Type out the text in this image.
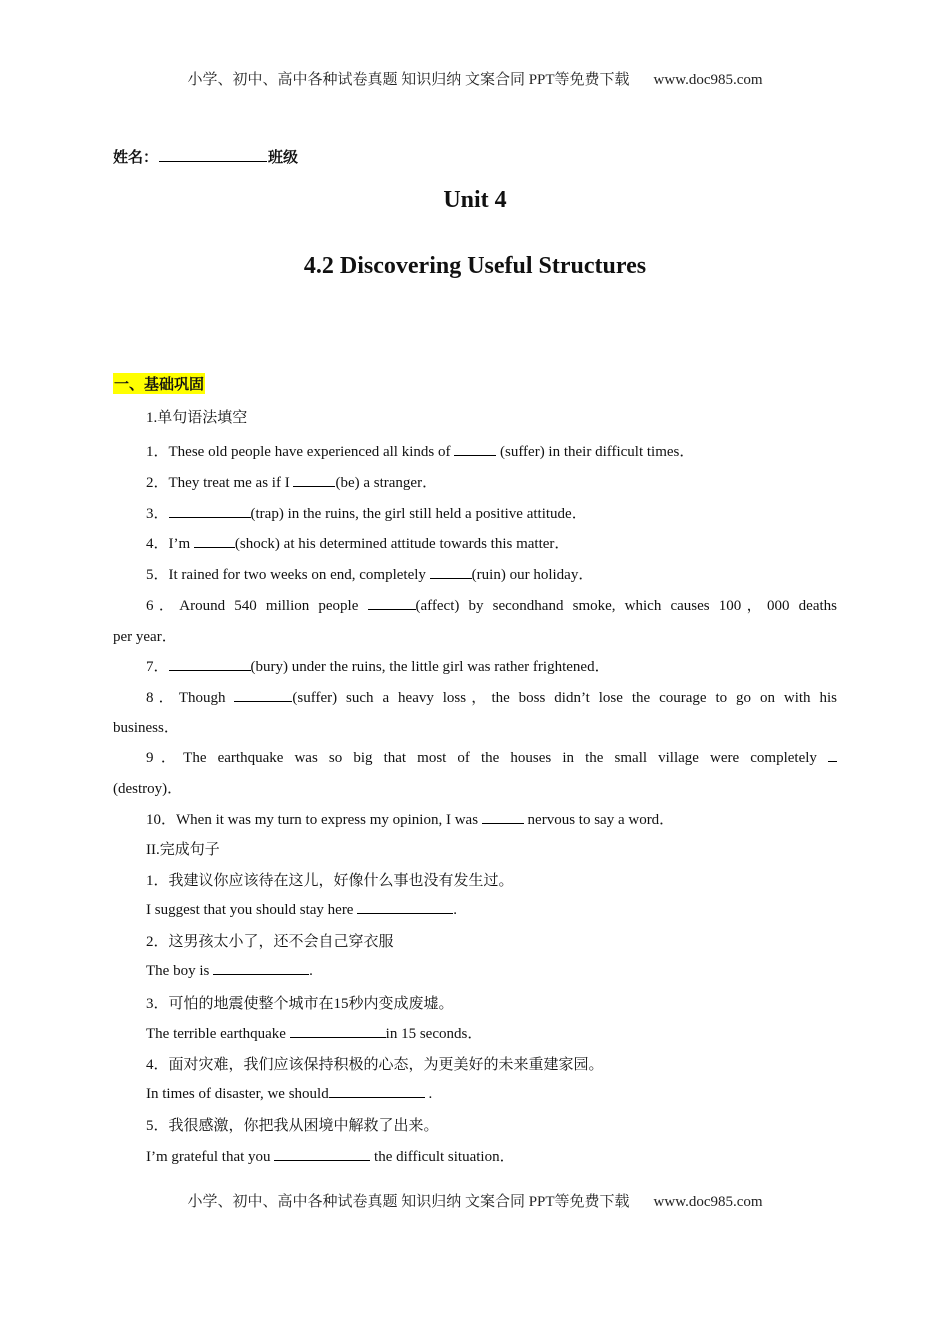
小学、初中、高中各种试卷真题 知识归纳 文案合同 PPT等免费下载 www.doc985.com
姓名：	班级
Unit 4
4.2 Discovering Useful Structures
一、基础巩固
1.单句语法填空
1．These old people have experienced all kinds of	(suffer) in their difficult times．
2．They treat me as if I	(be) a stranger．
3．	(trap) in the ruins, the girl still held a positive attitude．
4．I’m	(shock) at his determined attitude towards this matter．
5．It rained for two weeks on end, completely	(ruin) our holiday．
6．Around 540 million people	(affect) by secondhand smoke, which causes 100，000 deaths
per year．
7．	(bury) under the ruins, the little girl was rather frightened．
8．Though	(suffer) such a heavy loss，the boss didn’t lose the courage to go on with his
business．
9．The earthquake was so big that most of the houses in the small village were completely
(destroy)．
10．When it was my turn to express my opinion, I was	nervous to say a word．
II.完成句子
1．我建议你应该待在这儿，好像什么事也没有发生过。
I suggest that you should stay here	.
2．这男孩太小了，还不会自己穿衣服
The boy is	.
3．可怕的地震使整个城市在15秒内变成废墟。
The terrible earthquake	in 15 seconds．
4．面对灾难，我们应该保持积极的心态，为更美好的未来重建家园。
In times of disaster, we should	.
5．我很感激，你把我从困境中解救了出来。
I’m grateful that you	the difficult situation．
小学、初中、高中各种试卷真题 知识归纳 文案合同 PPT等免费下载 www.doc985.com
